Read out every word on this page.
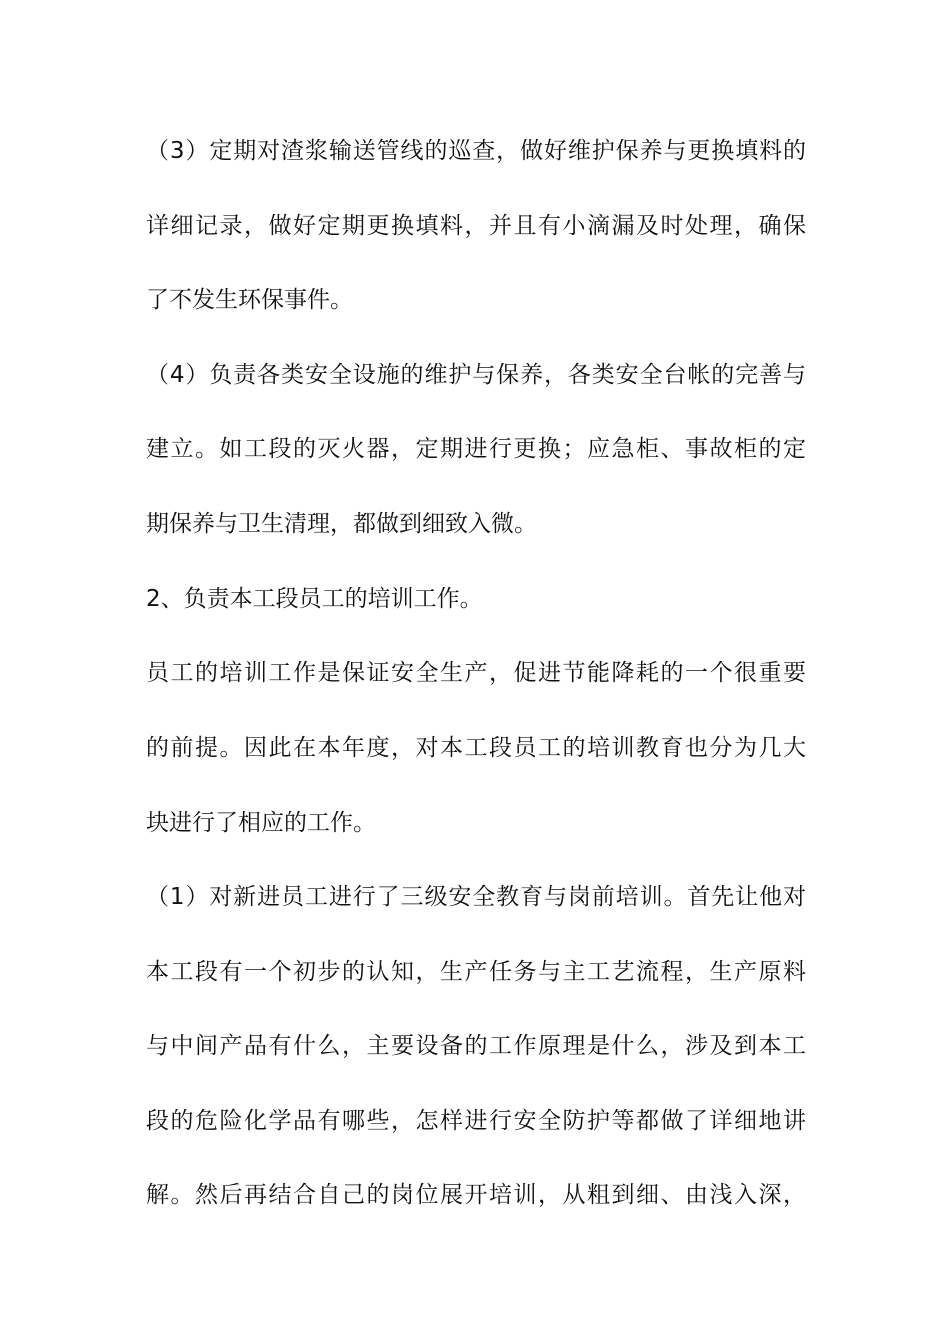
（3）定期对渣浆输送管线的巡查，做好维护保养与更换填料的
详细记录，做好定期更换填料，并且有小滴漏及时处理，确保
了不发生环保事件。
（4）负责各类安全设施的维护与保养，各类安全台帐的完善与
建立。如工段的灭火器，定期进行更换；应急柜、事故柜的定
期保养与卫生清理，都做到细致入微。
2、负责本工段员工的培训工作。
员工的培训工作是保证安全生产，促进节能降耗的一个很重要
的前提。因此在本年度，对本工段员工的培训教育也分为几大
块进行了相应的工作。
（1）对新进员工进行了三级安全教育与岗前培训。首先让他对
本工段有一个初步的认知，生产任务与主工艺流程，生产原料
与中间产品有什么，主要设备的工作原理是什么，涉及到本工
段的危险化学品有哪些，怎样进行安全防护等都做了详细地讲
解。然后再结合自己的岗位展开培训，从粗到细、由浅入深，
